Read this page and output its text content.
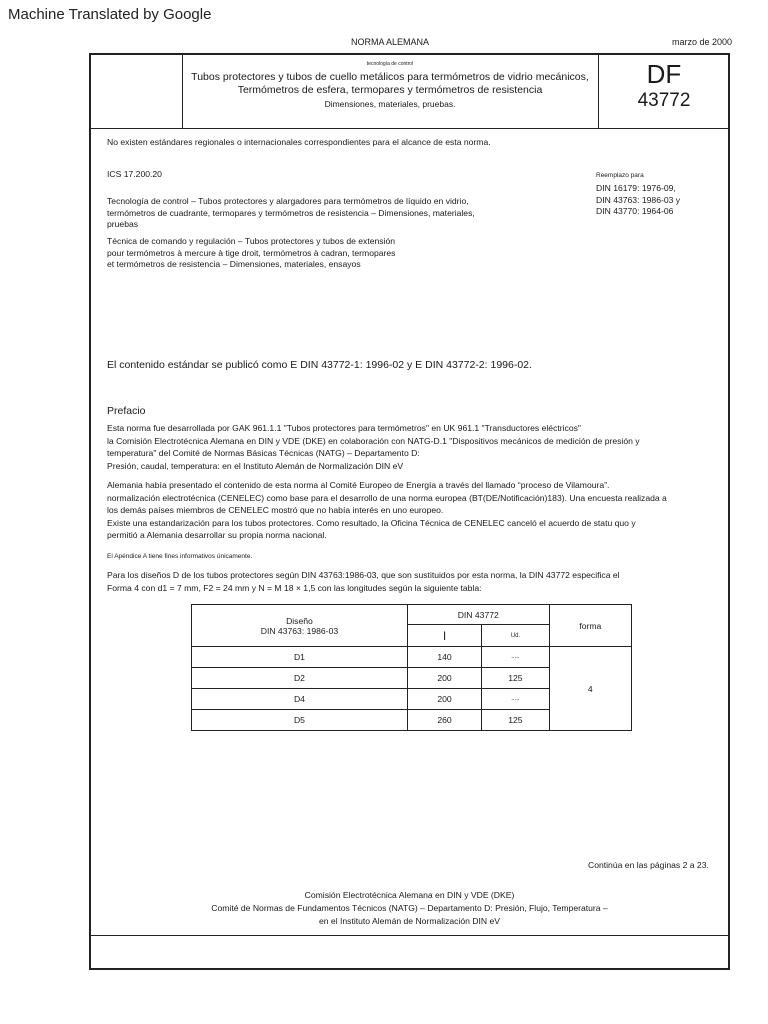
Machine Translated by Google
NORMA ALEMANA	marzo de 2000
tecnología de control
Tubos protectores y tubos de cuello metálicos para termómetros de vidrio mecánicos,
Termómetros de esfera, termopares y termómetros de resistencia
Dimensiones, materiales, pruebas.
DF
43772
No existen estándares regionales o internacionales correspondientes para el alcance de esta norma.
ICS 17.200.20	Reemplazo para
DIN 16179: 1976-09,
DIN 43763: 1986-03 y
DIN 43770: 1964-06
Tecnología de control – Tubos protectores y alargadores para termómetros de líquido en vidrio,
termómetros de cuadrante, termopares y termómetros de resistencia – Dimensiones, materiales,
pruebas
Técnica de comando y regulación – Tubos protectores y tubos de extensión
pour termómetros à mercure à tige droit, termómetros à cadran, termopares
et termómetros de resistencia – Dimensiones, materiales, ensayos
El contenido estándar se publicó como E DIN 43772-1: 1996-02 y E DIN 43772-2: 1996-02.
Prefacio
Esta norma fue desarrollada por GAK 961.1.1 "Tubos protectores para termómetros" en UK 961.1 "Transductores eléctricos"
la Comisión Electrotécnica Alemana en DIN y VDE (DKE) en colaboración con NATG-D.1 "Dispositivos mecánicos de medición de presión y
temperatura" del Comité de Normas Básicas Técnicas (NATG) – Departamento D:
Presión, caudal, temperatura: en el Instituto Alemán de Normalización DIN eV
Alemania había presentado el contenido de esta norma al Comité Europeo de Energía a través del llamado “proceso de Vilamoura”.
normalización electrotécnica (CENELEC) como base para el desarrollo de una norma europea (BT(DE/Notificación)183). Una encuesta realizada a
los demás países miembros de CENELEC mostró que no había interés en uno europeo.
Existe una estandarización para los tubos protectores. Como resultado, la Oficina Técnica de CENELEC canceló el acuerdo de statu quo y
permitió a Alemania desarrollar su propia norma nacional.
El Apéndice A tiene fines informativos únicamente.
Para los diseños D de los tubos protectores según DIN 43763:1986-03, que son sustituidos por esta norma, la DIN 43772 especifica el
Forma 4 con d1 = 7 mm, F2 = 24 mm y N = M 18 × 1,5 con las longitudes según la siguiente tabla:
Diseño
DIN 43763: 1986-03	DIN 43772		forma
	l	Ud.	
D1	140	.....	4
D2	200	125	
D4	200	.....	
D5	260	125	
Continúa en las páginas 2 a 23.
Comisión Electrotécnica Alemana en DIN y VDE (DKE)
Comité de Normas de Fundamentos Técnicos (NATG) – Departamento D: Presión, Flujo, Temperatura –
en el Instituto Alemán de Normalización DIN eV
